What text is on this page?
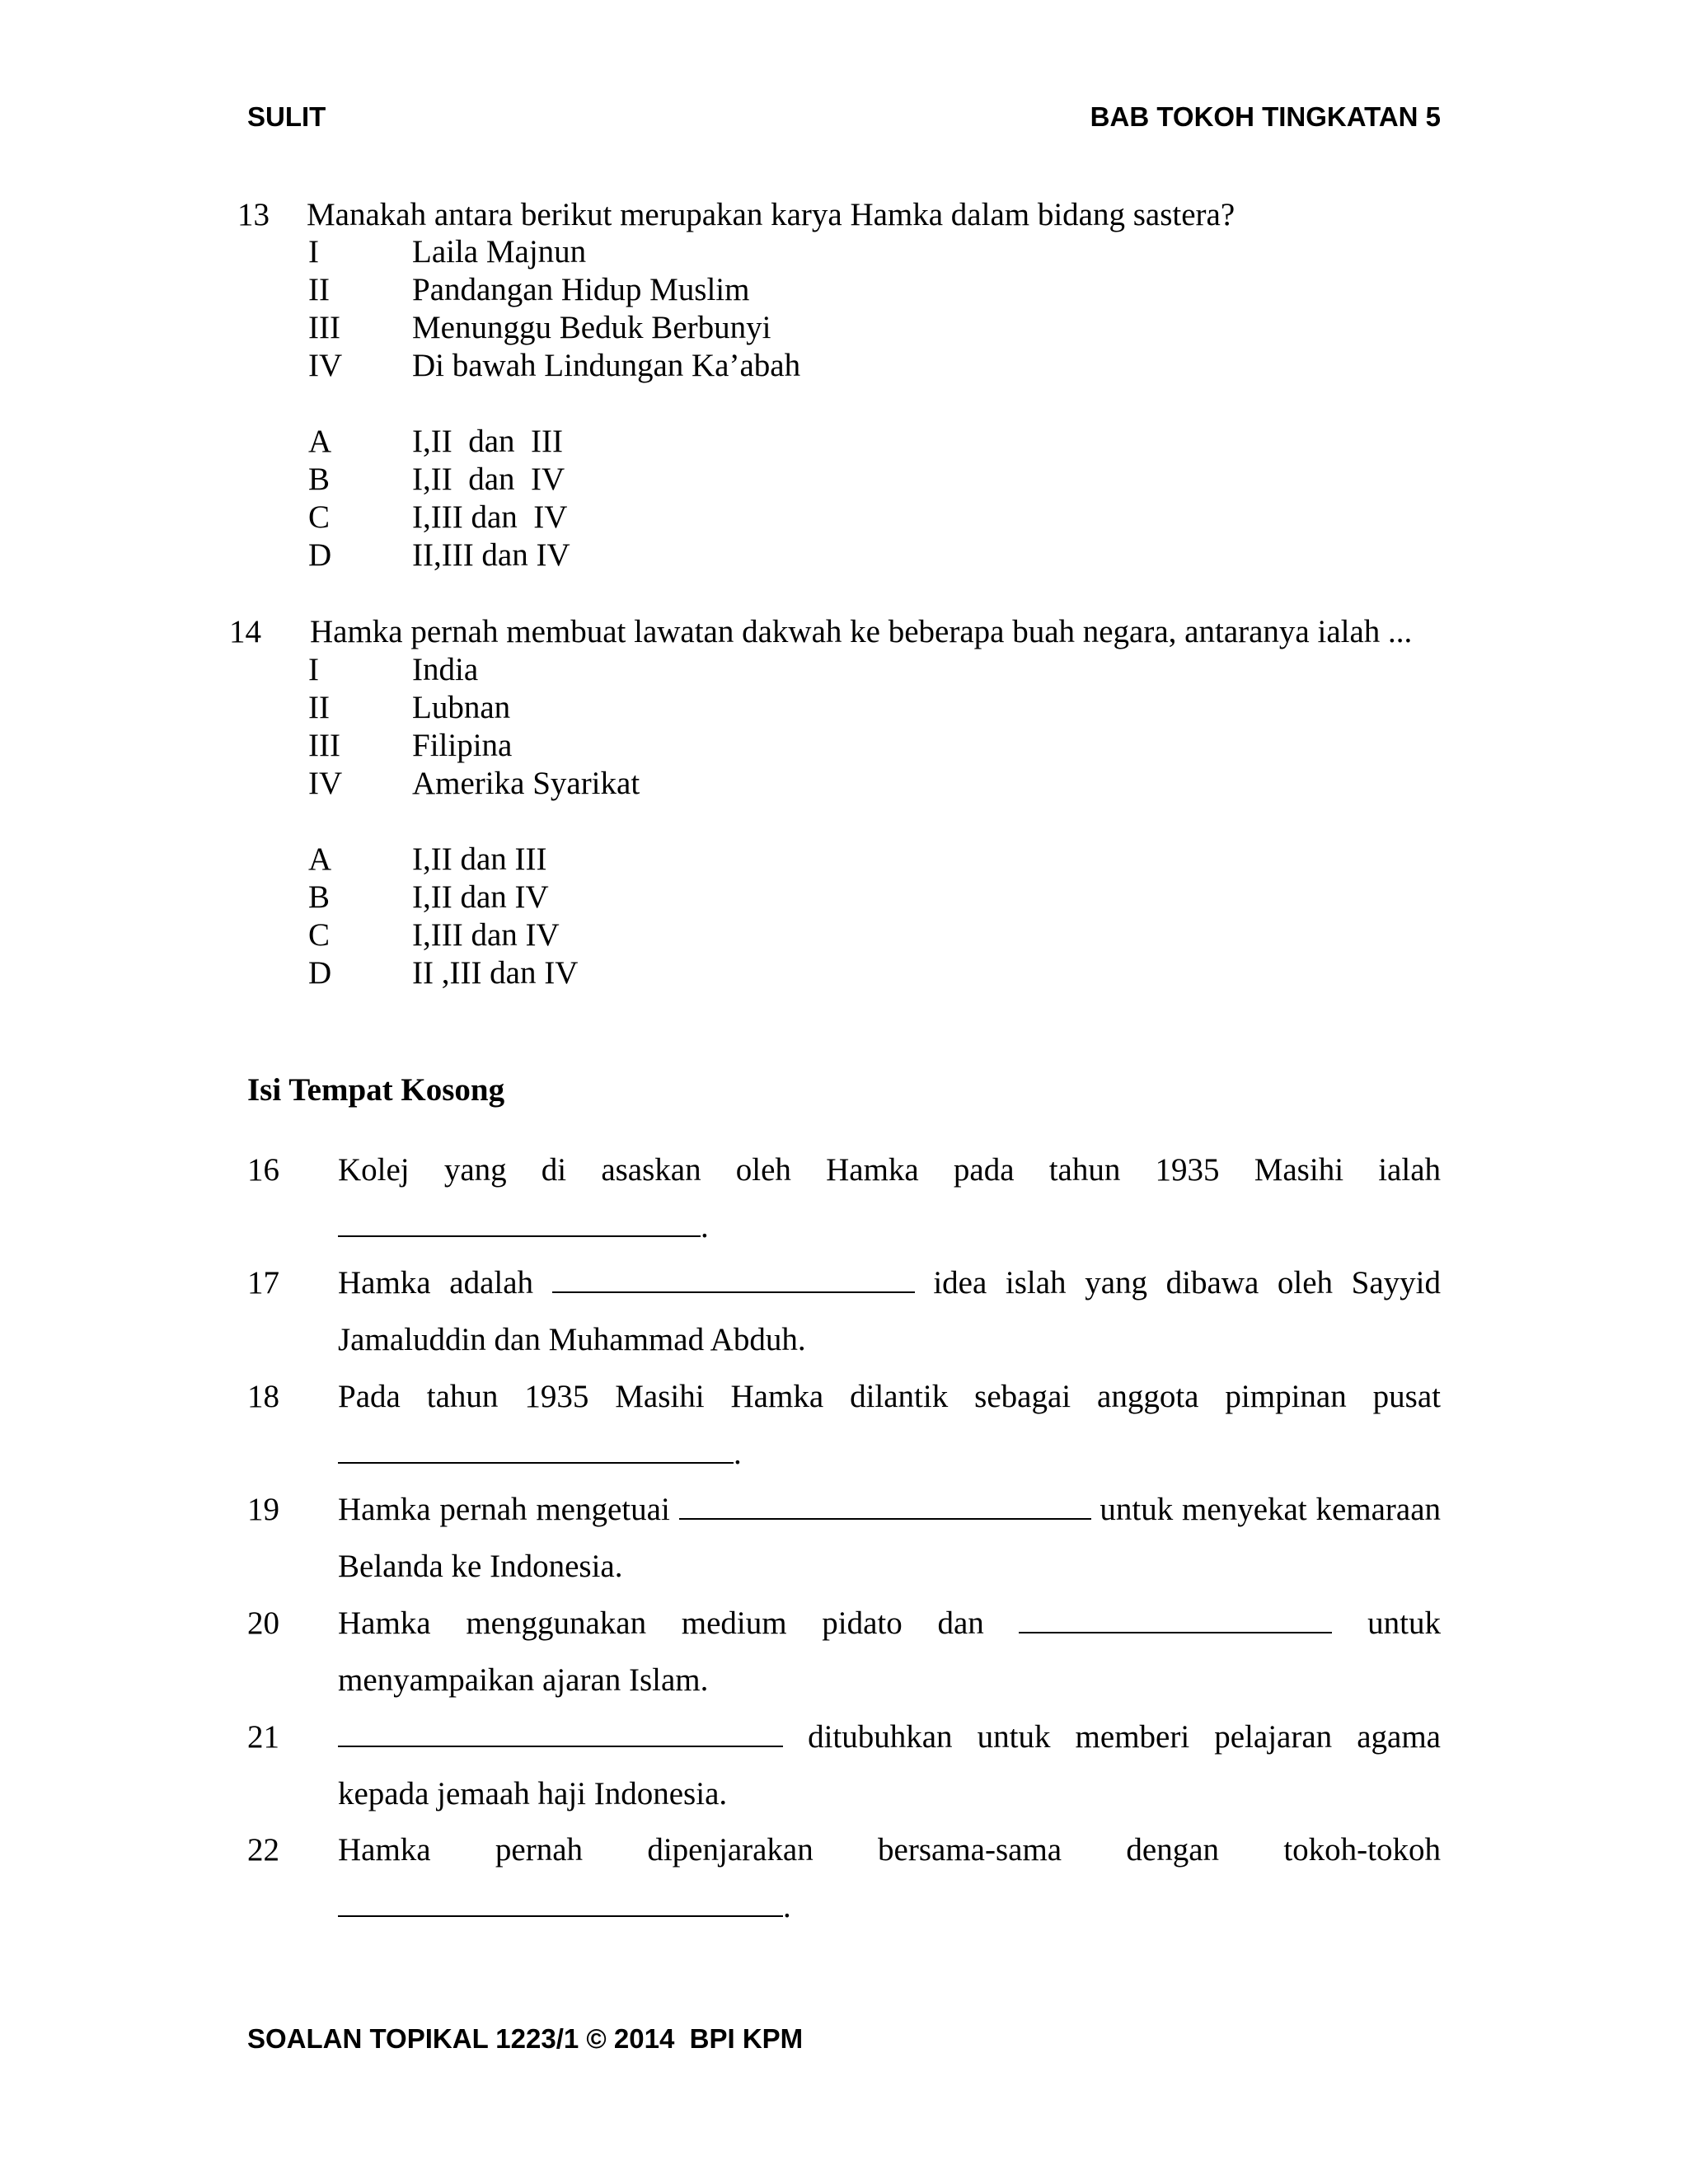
SULIT	BAB TOKOH TINGKATAN 5
13 Manakah antara berikut merupakan karya Hamka dalam bidang sastera?
I	Laila Majnun
II	Pandangan Hidup Muslim
III	Menunggu Beduk Berbunyi
IV	Di bawah Lindungan Ka’abah
A	I,II  dan  III
B	I,II  dan  IV
C	I,III dan  IV
D	II,III dan IV
14 Hamka pernah membuat lawatan dakwah ke beberapa buah negara, antaranya ialah ...
I	India
II	Lubnan
III	Filipina
IV	Amerika Syarikat
A	I,II dan III
B	I,II dan IV
C	I,III dan IV
D	II ,III dan IV
Isi Tempat Kosong
16	Kolej yang di asaskan oleh Hamka pada tahun 1935 Masihi ialah .
17	Hamka adalah	idea islah yang dibawa oleh Sayyid Jamaluddin dan Muhammad Abduh.
18	Pada tahun 1935 Masihi Hamka dilantik sebagai anggota pimpinan pusat .
19	Hamka pernah mengetuai	untuk menyekat kemaraan Belanda ke Indonesia.
20	Hamka menggunakan medium pidato dan	untuk menyampaikan ajaran Islam.
21	ditubuhkan untuk memberi pelajaran agama kepada jemaah haji Indonesia.
22	Hamka pernah dipenjarakan bersama-sama dengan tokoh-tokoh .
SOALAN TOPIKAL 1223/1 © 2014  BPI KPM
